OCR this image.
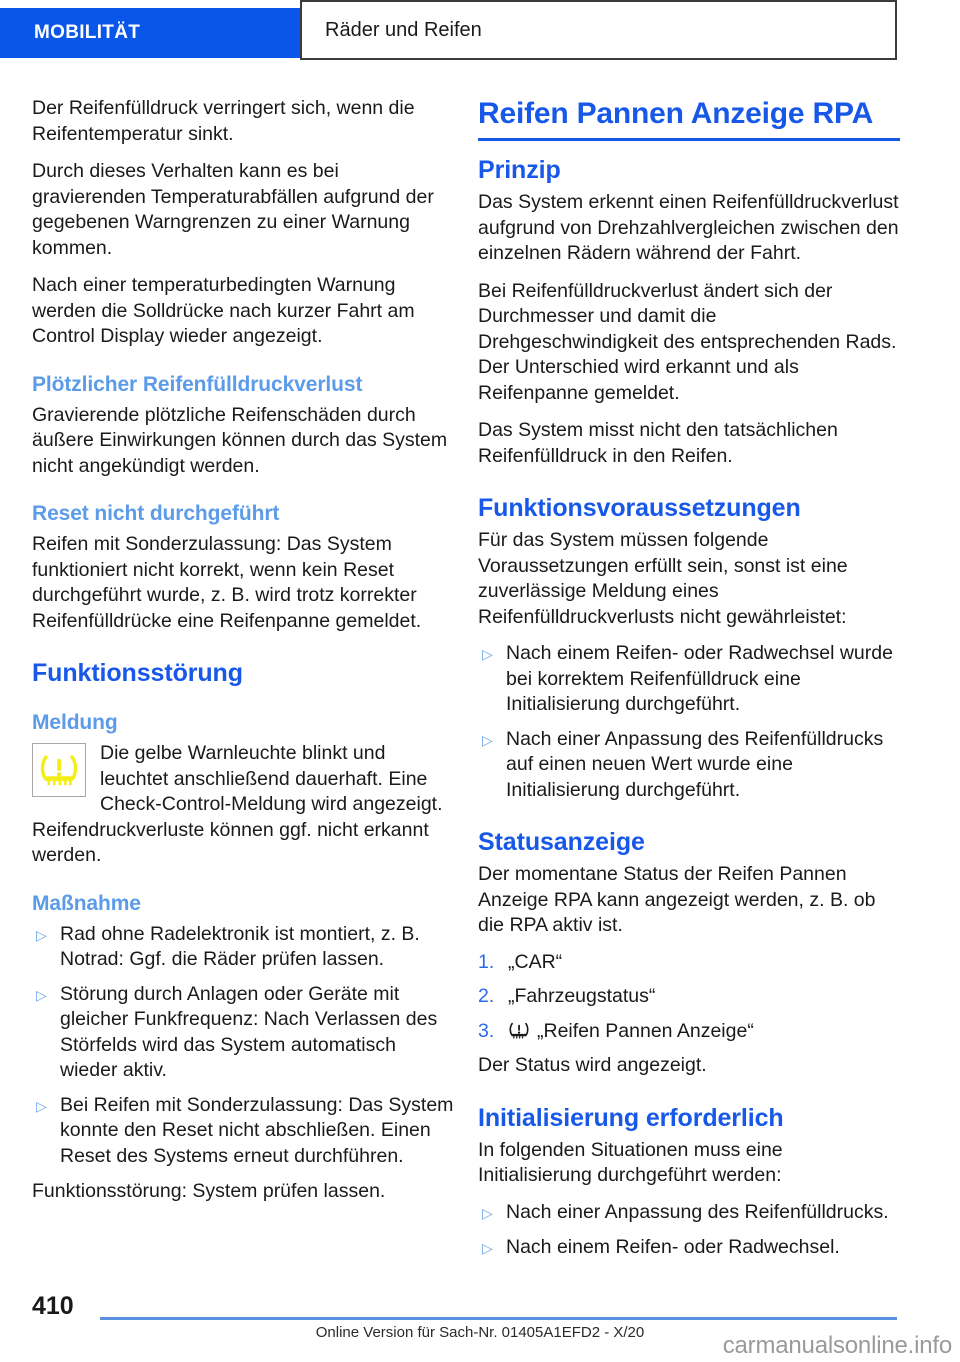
MOBILITÄT	Räder und Reifen

Der Reifenfülldruck verringert sich, wenn die Reifentemperatur sinkt.

Durch dieses Verhalten kann es bei gravierenden Temperaturabfällen aufgrund der gegebenen Warngrenzen zu einer Warnung kommen.

Nach einer temperaturbedingten Warnung werden die Solldrücke nach kurzer Fahrt am Control Display wieder angezeigt.

Plötzlicher Reifenfülldruckverlust

Gravierende plötzliche Reifenschäden durch äußere Einwirkungen können durch das System nicht angekündigt werden.

Reset nicht durchgeführt

Reifen mit Sonderzulassung: Das System funktioniert nicht korrekt, wenn kein Reset durchgeführt wurde, z. B. wird trotz korrekter Reifenfülldrücke eine Reifenpanne gemeldet.

Funktionsstörung
Meldung

Die gelbe Warnleuchte blinkt und leuchtet anschließend dauerhaft. Eine Check-Control-Meldung wird angezeigt. Reifendruckverluste können ggf. nicht erkannt werden.

Maßnahme
▷ Rad ohne Radelektronik ist montiert, z. B. Notrad: Ggf. die Räder prüfen lassen.
▷ Störung durch Anlagen oder Geräte mit gleicher Funkfrequenz: Nach Verlassen des Störfelds wird das System automatisch wieder aktiv.
▷ Bei Reifen mit Sonderzulassung: Das System konnte den Reset nicht abschließen. Einen Reset des Systems erneut durchführen.

Funktionsstörung: System prüfen lassen.

Reifen Pannen Anzeige RPA
Prinzip

Das System erkennt einen Reifenfülldruckverlust aufgrund von Drehzahlvergleichen zwischen den einzelnen Rädern während der Fahrt.

Bei Reifenfülldruckverlust ändert sich der Durchmesser und damit die Drehgeschwindigkeit des entsprechenden Rads. Der Unterschied wird erkannt und als Reifenpanne gemeldet.

Das System misst nicht den tatsächlichen Reifenfülldruck in den Reifen.

Funktionsvoraussetzungen

Für das System müssen folgende Voraussetzungen erfüllt sein, sonst ist eine zuverlässige Meldung eines Reifenfülldruckverlusts nicht gewährleistet:

▷ Nach einem Reifen- oder Radwechsel wurde bei korrektem Reifenfülldruck eine Initialisierung durchgeführt.
▷ Nach einer Anpassung des Reifenfülldrucks auf einen neuen Wert wurde eine Initialisierung durchgeführt.
Statusanzeige

Der momentane Status der Reifen Pannen Anzeige RPA kann angezeigt werden, z. B. ob die RPA aktiv ist.

1. „CAR“
2. „Fahrzeugstatus“
3.	„Reifen Pannen Anzeige“

Der Status wird angezeigt.

Initialisierung erforderlich

In folgenden Situationen muss eine Initialisierung durchgeführt werden:

▷ Nach einer Anpassung des Reifenfülldrucks.
▷ Nach einem Reifen- oder Radwechsel.
410
Online Version für Sach-Nr. 01405A1EFD2 - X/20	carmanualsonline.info
